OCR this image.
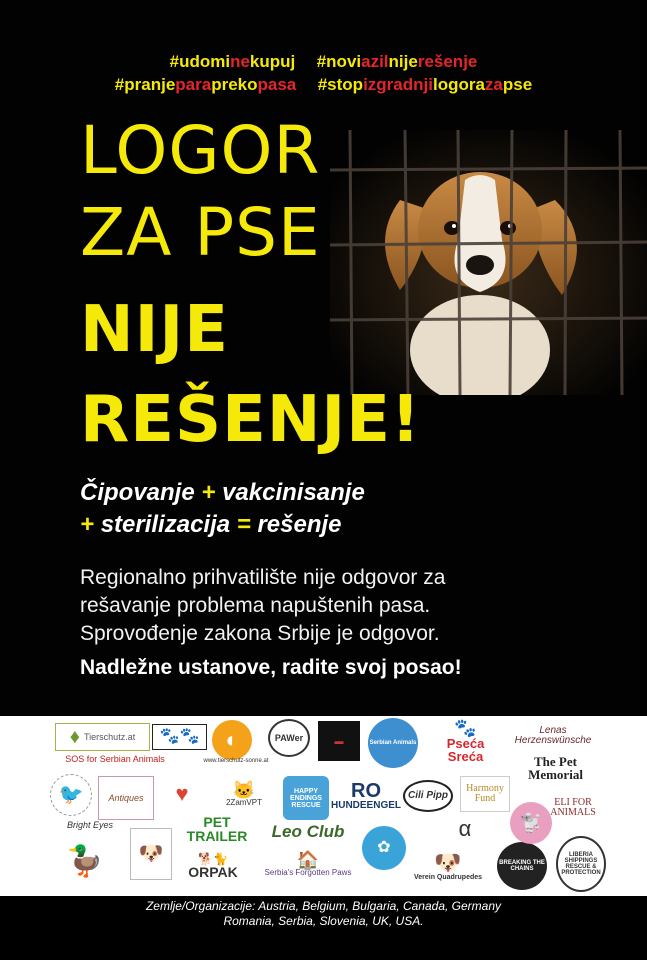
#udominekupuj #noviazilnijerešenje
#pranjeparaprekopasa #stopizgradnjilogorazapse
LOGOR
ZA PSE
NIJE
REŠENJE!
Čipovanje + vakcinisanje
+ sterilizacija = rešenje
Regionalno prihvatilište nije odgovor za
rešavanje problema napuštenih pasa.
Sprovođenje zakona Srbije je odgovor.
Nadležne ustanove, radite svoj posao!
♦ Tierschutz.at
SOS for Serbian Animals
🐾🐾	◐
www.tierschutz-sonne.at
PAWer	▬	Serbian Animals
🐾
Pseća Sreća
Lenas Herzenswünsche
The Pet Memorial
🐦	Antiques	♥	🐱
2ZamVPT
HAPPY ENDINGS RESCUE
RO
HUNDEENGEL
Cili Pipp
Harmony Fund	ELI FOR ANIMALS
Bright Eyes
🦆	🐶
PET TRAILER
🐕🐈
ORPAK
Leo Club
🏠
Serbia's Forgotten Paws
✿
α
🐶
Verein Quadrupedes
BREAKING THE CHAINS
🐩
LIBERIA SHIPPINGS RESCUE & PROTECTION
Zemlje/Organizacije: Austria, Belgium, Bulgaria, Canada, Germany
Romania, Serbia, Slovenia, UK, USA.
